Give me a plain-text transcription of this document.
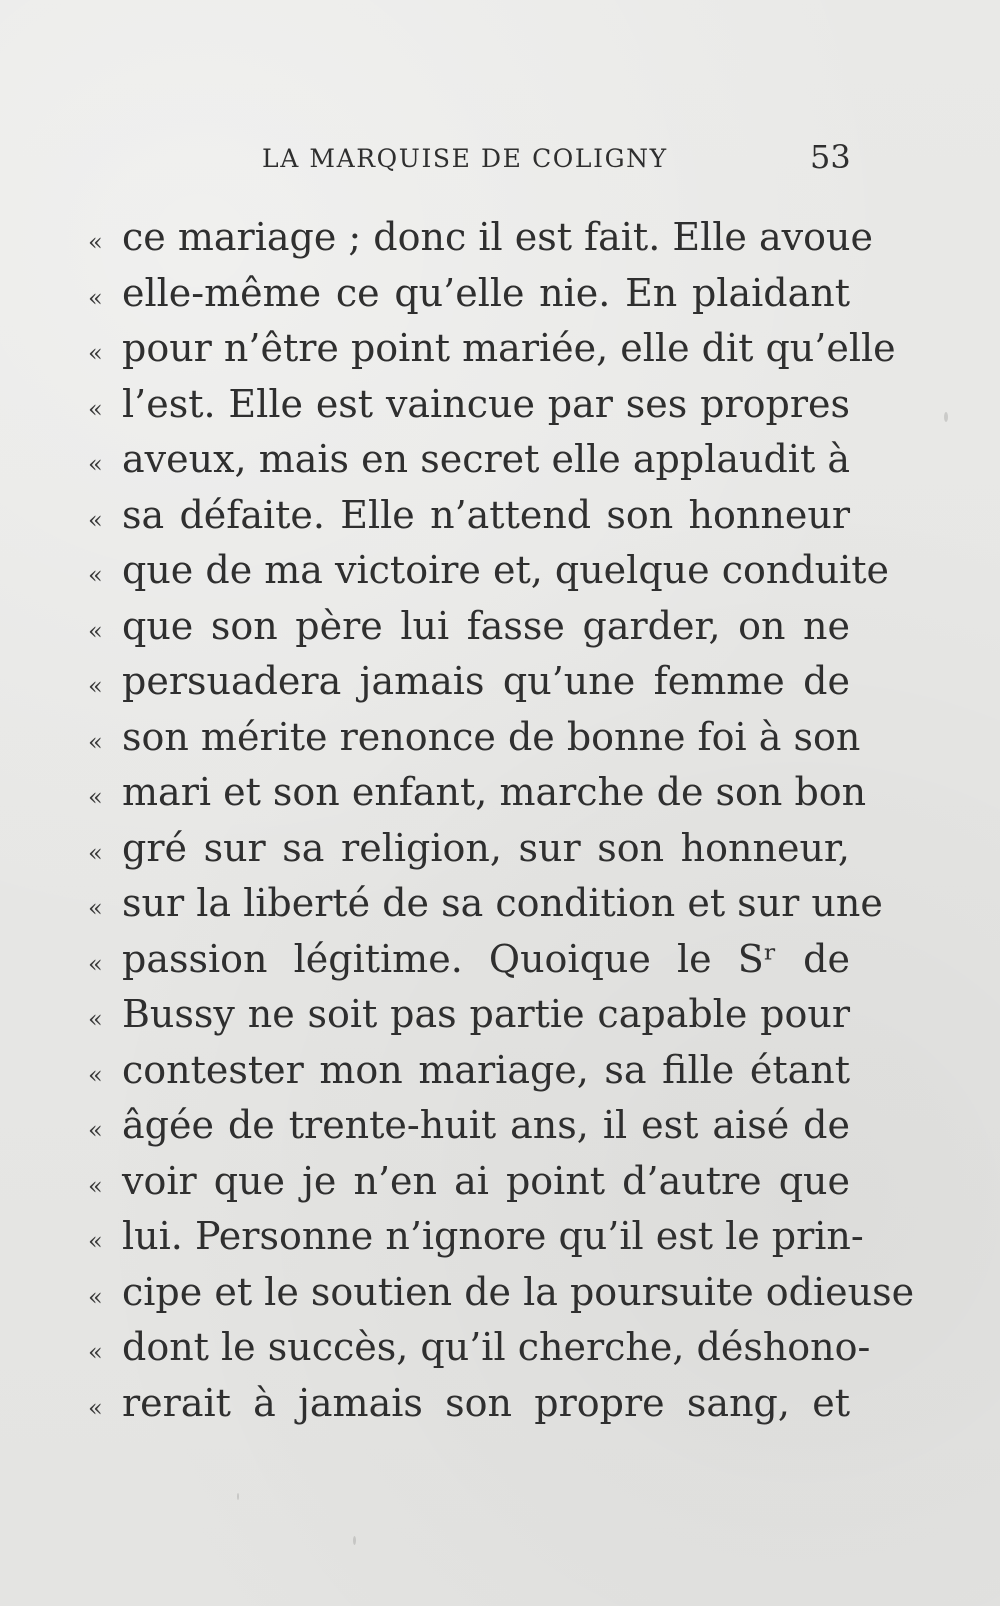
LA MARQUISE DE COLIGNY	53
« ce mariage ; donc il est fait. Elle avoue
« elle-même ce qu’elle nie. En plaidant
« pour n’être point mariée, elle dit qu’elle
« l’est. Elle est vaincue par ses propres
« aveux, mais en secret elle applaudit à
« sa défaite. Elle n’attend son honneur
« que de ma victoire et, quelque conduite
« que son père lui fasse garder, on ne
« persuadera jamais qu’une femme de
« son mérite renonce de bonne foi à son
« mari et son enfant, marche de son bon
« gré sur sa religion, sur son honneur,
« sur la liberté de sa condition et sur une
« passion légitime. Quoique le Sʳ de
« Bussy ne soit pas partie capable pour
« contester mon mariage, sa fille étant
« âgée de trente-huit ans, il est aisé de
« voir que je n’en ai point d’autre que
« lui. Personne n’ignore qu’il est le prin-
« cipe et le soutien de la poursuite odieuse
« dont le succès, qu’il cherche, déshono-
« rerait à jamais son propre sang, et
